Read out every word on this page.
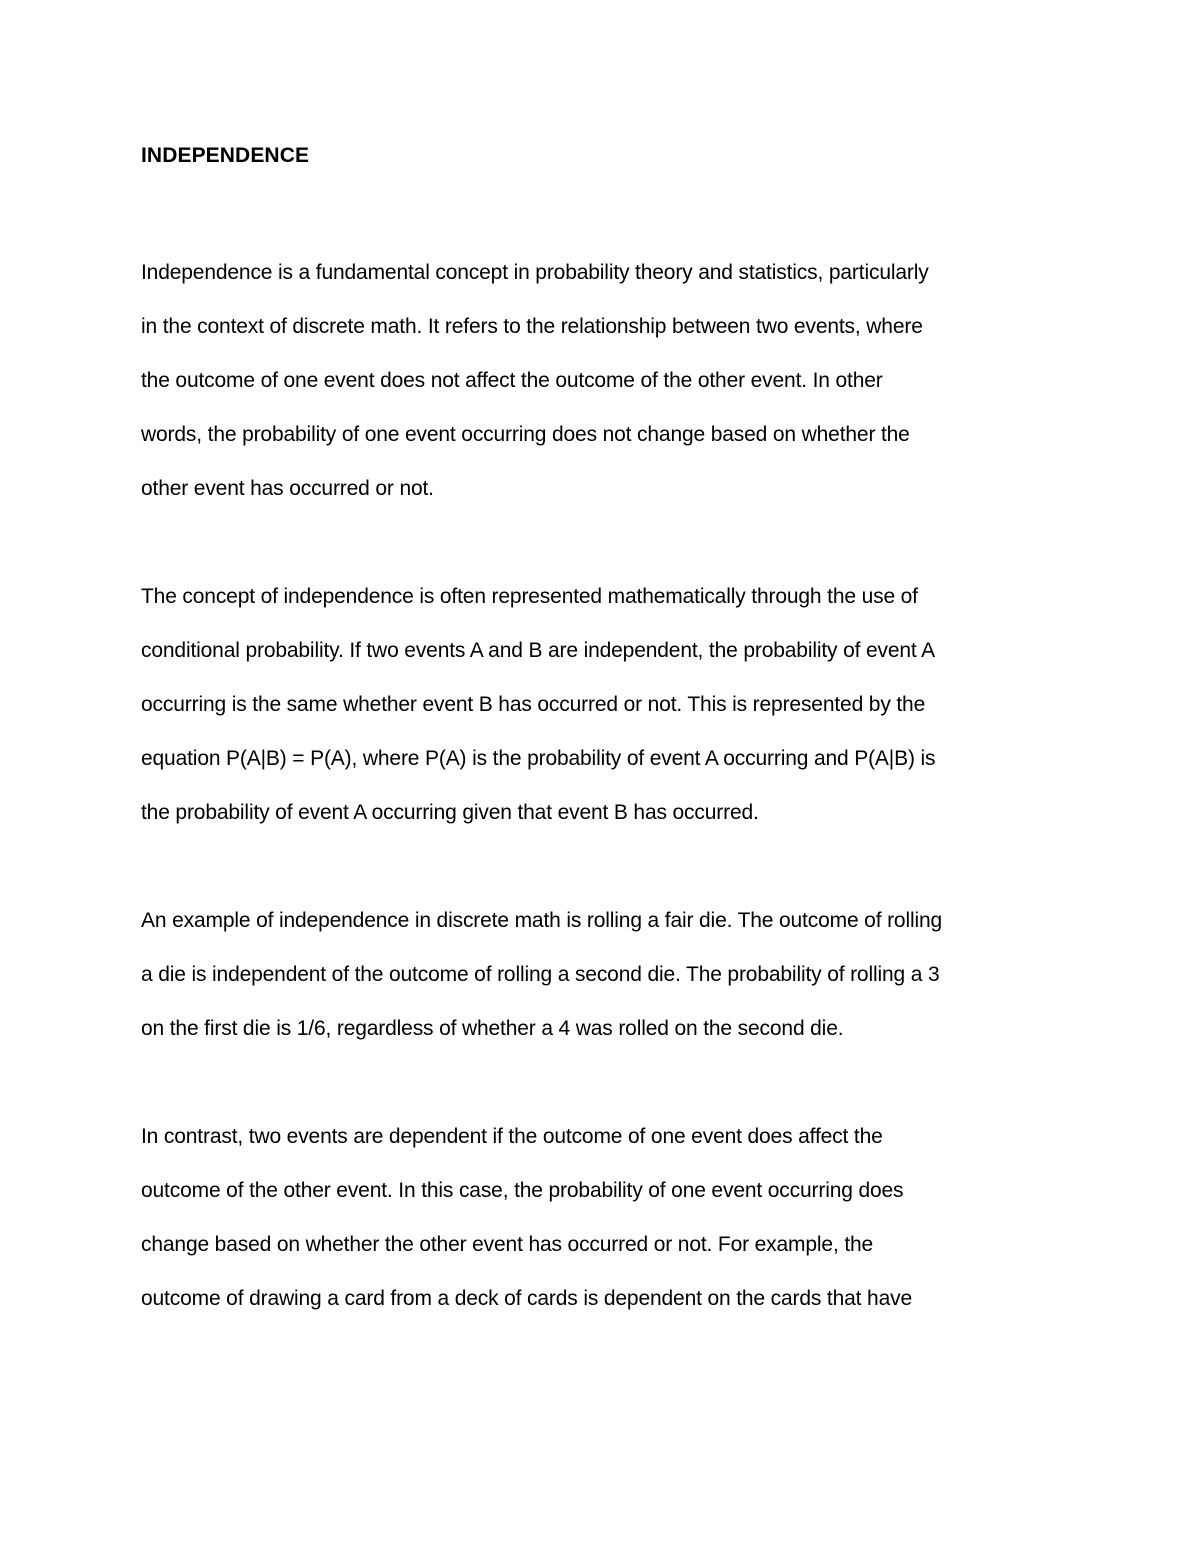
INDEPENDENCE
Independence is a fundamental concept in probability theory and statistics, particularly
in the context of discrete math. It refers to the relationship between two events, where
the outcome of one event does not affect the outcome of the other event. In other
words, the probability of one event occurring does not change based on whether the
other event has occurred or not.
The concept of independence is often represented mathematically through the use of
conditional probability. If two events A and B are independent, the probability of event A
occurring is the same whether event B has occurred or not. This is represented by the
equation P(A|B) = P(A), where P(A) is the probability of event A occurring and P(A|B) is
the probability of event A occurring given that event B has occurred.
An example of independence in discrete math is rolling a fair die. The outcome of rolling
a die is independent of the outcome of rolling a second die. The probability of rolling a 3
on the first die is 1/6, regardless of whether a 4 was rolled on the second die.
In contrast, two events are dependent if the outcome of one event does affect the
outcome of the other event. In this case, the probability of one event occurring does
change based on whether the other event has occurred or not. For example, the
outcome of drawing a card from a deck of cards is dependent on the cards that have
